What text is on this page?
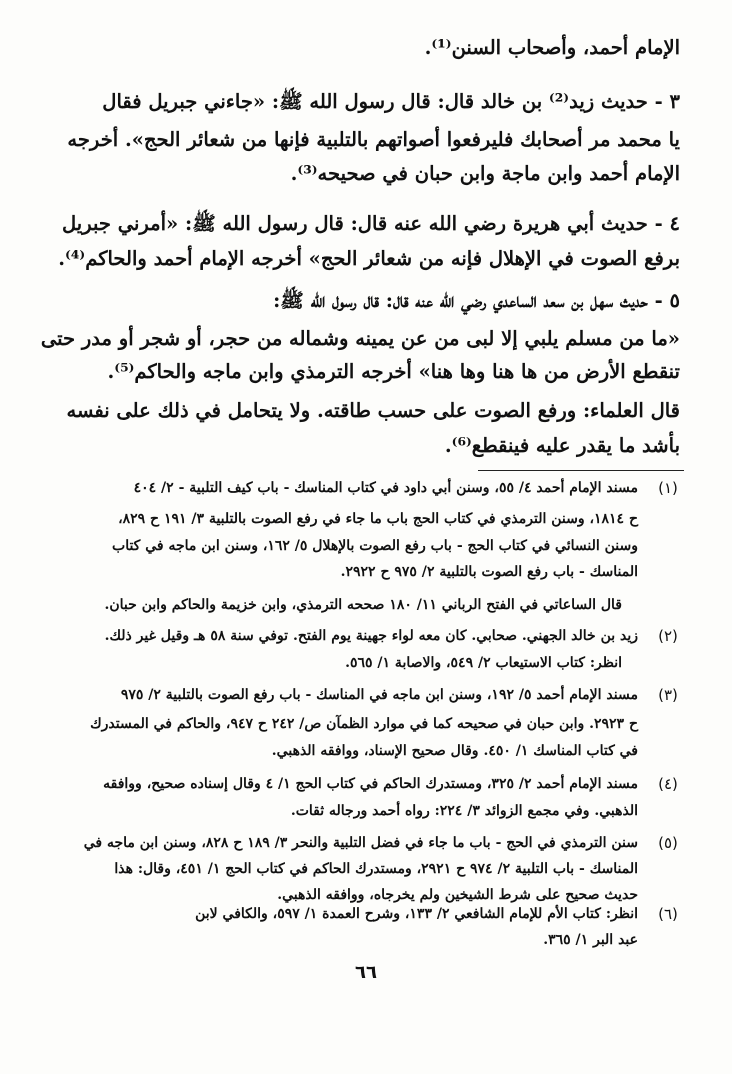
الإمام أحمد، وأصحاب السنن⁽¹⁾.
٣ - حديث زيد⁽²⁾ بن خالد قال: قال رسول الله ﷺ: «جاءني جبريل فقال
يا محمد مر أصحابك فليرفعوا أصواتهم بالتلبية فإنها من شعائر الحج». أخرجه
الإمام أحمد وابن ماجة وابن حبان في صحيحه⁽³⁾.
٤ - حديث أبي هريرة رضي الله عنه قال: قال رسول الله ﷺ: «أمرني جبريل
برفع الصوت في الإهلال فإنه من شعائر الحج» أخرجه الإمام أحمد والحاكم⁽⁴⁾.
٥ - حديث سهل بن سعد الساعدي رضي الله عنه قال: قال رسول الله ﷺ:
«ما من مسلم يلبي إلا لبى من عن يمينه وشماله من حجر، أو شجر أو مدر حتى
تنقطع الأرض من ها هنا وها هنا» أخرجه الترمذي وابن ماجه والحاكم⁽⁵⁾.
قال العلماء: ورفع الصوت على حسب طاقته. ولا يتحامل في ذلك على نفسه
بأشد ما يقدر عليه فينقطع⁽⁶⁾.
(١)
مسند الإمام أحمد ٤/ ٥٥، وسنن أبي داود في كتاب المناسك - باب كيف التلبية - ٢/ ٤٠٤
ح ١٨١٤، وسنن الترمذي في كتاب الحج باب ما جاء في رفع الصوت بالتلبية ٣/ ١٩١ ح ٨٢٩،
وسنن النسائي في كتاب الحج - باب رفع الصوت بالإهلال ٥/ ١٦٢، وسنن ابن ماجه في كتاب
المناسك - باب رفع الصوت بالتلبية ٢/ ٩٧٥ ح ٢٩٢٢.
قال الساعاتي في الفتح الرباني ١١/ ١٨٠ صححه الترمذي، وابن خزيمة والحاكم وابن حبان.
(٢)
زيد بن خالد الجهني. صحابي. كان معه لواء جهينة يوم الفتح. توفي سنة ٥٨ هـ وقيل غير ذلك.
انظر: كتاب الاستيعاب ٢/ ٥٤٩، والاصابة ١/ ٥٦٥.
(٣)
مسند الإمام أحمد ٥/ ١٩٢، وسنن ابن ماجه في المناسك - باب رفع الصوت بالتلبية ٢/ ٩٧٥
ح ٢٩٢٣. وابن حبان في صحيحه كما في موارد الظمآن ص/ ٢٤٢ ح ٩٤٧، والحاكم في المستدرك
في كتاب المناسك ١/ ٤٥٠. وقال صحيح الإسناد، ووافقه الذهبي.
(٤)
مسند الإمام أحمد ٢/ ٣٢٥، ومستدرك الحاكم في كتاب الحج ١/ ٤ وقال إسناده صحيح، ووافقه
الذهبي. وفي مجمع الزوائد ٣/ ٢٢٤: رواه أحمد ورجاله ثقات.
(٥)
سنن الترمذي في الحج - باب ما جاء في فضل التلبية والنحر ٣/ ١٨٩ ح ٨٢٨، وسنن ابن ماجه في
المناسك - باب التلبية ٢/ ٩٧٤ ح ٢٩٢١، ومستدرك الحاكم في كتاب الحج ١/ ٤٥١، وقال: هذا
حديث صحيح على شرط الشيخين ولم يخرجاه، ووافقه الذهبي.
(٦)
انظر: كتاب الأم للإمام الشافعي ٢/ ١٣٣، وشرح العمدة ١/ ٥٩٧، والكافي لابن
عبد البر ١/ ٣٦٥.
٦٦
